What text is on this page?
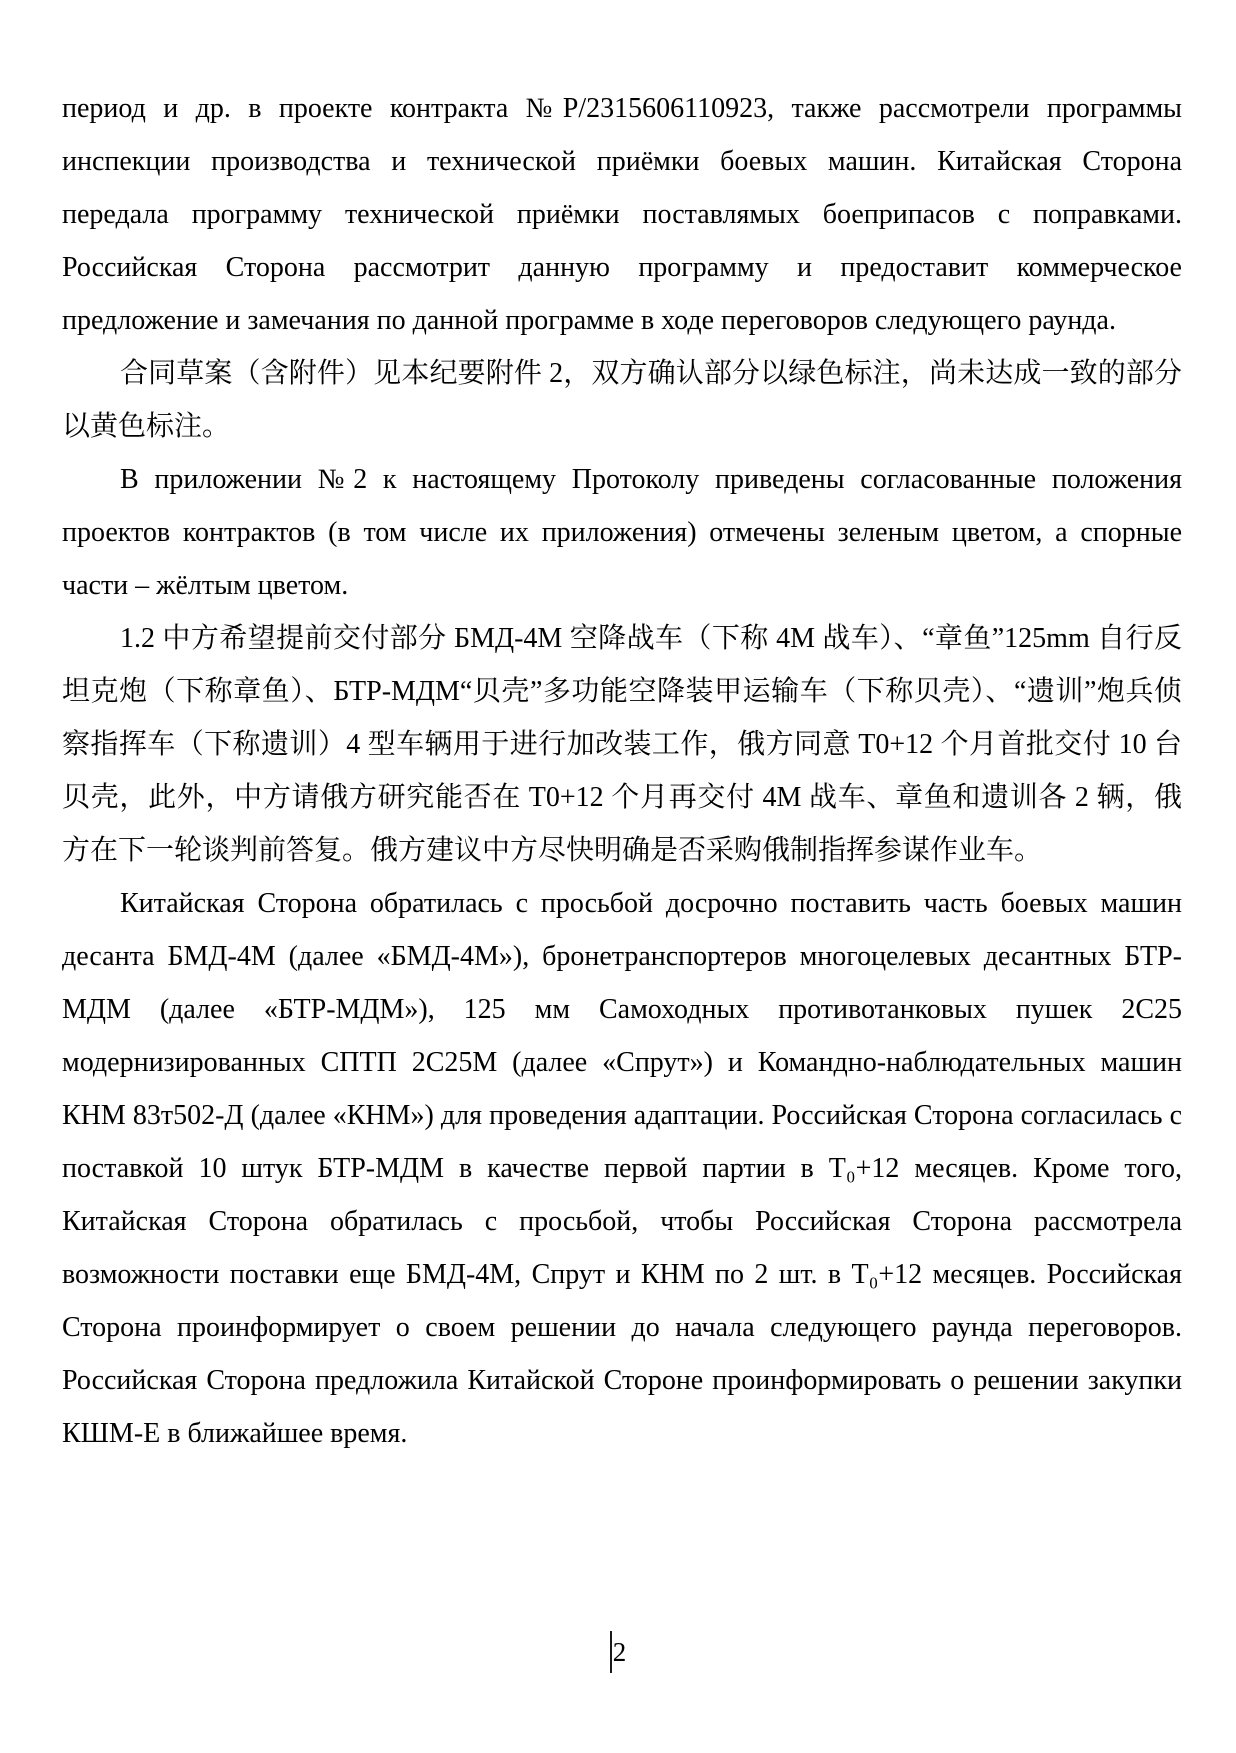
период и др. в проекте контракта №Р/2315606110923, также рассмотрели программы инспекции производства и технической приёмки боевых машин. Китайская Сторона передала программу технической приёмки поставлямых боеприпасов с поправками. Российская Сторона рассмотрит данную программу и предоставит коммерческое предложение и замечания по данной программе в ходе переговоров следующего раунда.

合同草案（含附件）见本纪要附件 2，双方确认部分以绿色标注，尚未达成一致的部分以黄色标注。

В приложении №2 к настоящему Протоколу приведены согласованные положения проектов контрактов (в том числе их приложения) отмечены зеленым цветом, а спорные части – жёлтым цветом.

1.2 中方希望提前交付部分 БМД-4М 空降战车（下称 4М 战车）、“章鱼”125mm 自行反坦克炮（下称章鱼）、БТР-МДМ“贝壳”多功能空降装甲运输车（下称贝壳）、“遗训”炮兵侦察指挥车（下称遗训）4 型车辆用于进行加改装工作，俄方同意 Т0+12 个月首批交付 10 台贝壳，此外，中方请俄方研究能否在 Т0+12 个月再交付 4М 战车、章鱼和遗训各 2 辆，俄方在下一轮谈判前答复。俄方建议中方尽快明确是否采购俄制指挥参谋作业车。

Китайская Сторона обратилась с просьбой досрочно поставить часть боевых машин десанта БМД-4М (далее «БМД-4М»), бронетранспортеров многоцелевых десантных БТР-МДМ (далее «БТР-МДМ»), 125 мм Самоходных противотанковых пушек 2С25 модернизированных СПТП 2С25М (далее «Спрут») и Командно-наблюдательных машин КНМ 83т502-Д (далее «КНМ») для проведения адаптации. Российская Сторона согласилась с поставкой 10 штук БТР-МДМ в качестве первой партии в Т₀+12 месяцев. Кроме того, Китайская Сторона обратилась с просьбой, чтобы Российская Сторона рассмотрела возможности поставки еще БМД-4М, Спрут и КНМ по 2 шт. в Т₀+12 месяцев. Российская Сторона проинформирует о своем решении до начала следующего раунда переговоров. Российская Сторона предложила Китайской Стороне проинформировать о решении закупки КШМ-Е в ближайшее время.

2
